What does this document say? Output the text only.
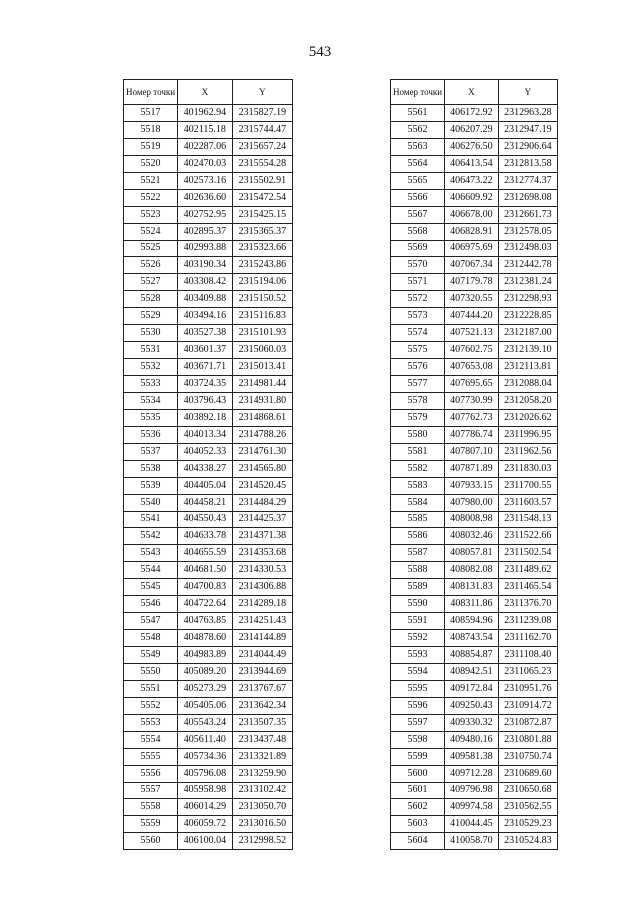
543
Номер точки	X	Y
5517	401962.94	2315827.19
5518	402115.18	2315744.47
5519	402287.06	2315657.24
5520	402470.03	2315554.28
5521	402573.16	2315502.91
5522	402636.60	2315472.54
5523	402752.95	2315425.15
5524	402895.37	2315365.37
5525	402993.88	2315323.66
5526	403190.34	2315243.86
5527	403308.42	2315194.06
5528	403409.88	2315150.52
5529	403494.16	2315116.83
5530	403527.38	2315101.93
5531	403601.37	2315060.03
5532	403671.71	2315013.41
5533	403724.35	2314981.44
5534	403796.43	2314931.80
5535	403892.18	2314868.61
5536	404013.34	2314788.26
5537	404052.33	2314761.30
5538	404338.27	2314565.80
5539	404405.04	2314520.45
5540	404458.21	2314484.29
5541	404550.43	2314425.37
5542	404633.78	2314371.38
5543	404655.59	2314353.68
5544	404681.50	2314330.53
5545	404700.83	2314306.88
5546	404722.64	2314289.18
5547	404763.85	2314251.43
5548	404878.60	2314144.89
5549	404983.89	2314044.49
5550	405089.20	2313944.69
5551	405273.29	2313767.67
5552	405405.06	2313642.34
5553	405543.24	2313507.35
5554	405611.40	2313437.48
5555	405734.36	2313321.89
5556	405796.08	2313259.90
5557	405958.98	2313102.42
5558	406014.29	2313050.70
5559	406059.72	2313016.50
5560	406100.04	2312998.52
Номер точки	X	Y
5561	406172.92	2312963.28
5562	406207.29	2312947.19
5563	406276.50	2312906.64
5564	406413.54	2312813.58
5565	406473.22	2312774.37
5566	406609.92	2312698.08
5567	406678.00	2312661.73
5568	406828.91	2312578.05
5569	406975.69	2312498.03
5570	407067.34	2312442.78
5571	407179.78	2312381.24
5572	407320.55	2312298.93
5573	407444.20	2312228.85
5574	407521.13	2312187.00
5575	407602.75	2312139.10
5576	407653.08	2312113.81
5577	407695.65	2312088.04
5578	407730.99	2312058.20
5579	407762.73	2312026.62
5580	407786.74	2311996.95
5581	407807.10	2311962.56
5582	407871.89	2311830.03
5583	407933.15	2311700.55
5584	407980.00	2311603.57
5585	408008.98	2311548.13
5586	408032.46	2311522.66
5587	408057.81	2311502.54
5588	408082.08	2311489.62
5589	408131.83	2311465.54
5590	408311.86	2311376.70
5591	408594.96	2311239.08
5592	408743.54	2311162.70
5593	408854.87	2311108.40
5594	408942.51	2311065.23
5595	409172.84	2310951.76
5596	409250.43	2310914.72
5597	409330.32	2310872.87
5598	409480.16	2310801.88
5599	409581.38	2310750.74
5600	409712.28	2310689.60
5601	409796.98	2310650.68
5602	409974.58	2310562.55
5603	410044.45	2310529.23
5604	410058.70	2310524.83
